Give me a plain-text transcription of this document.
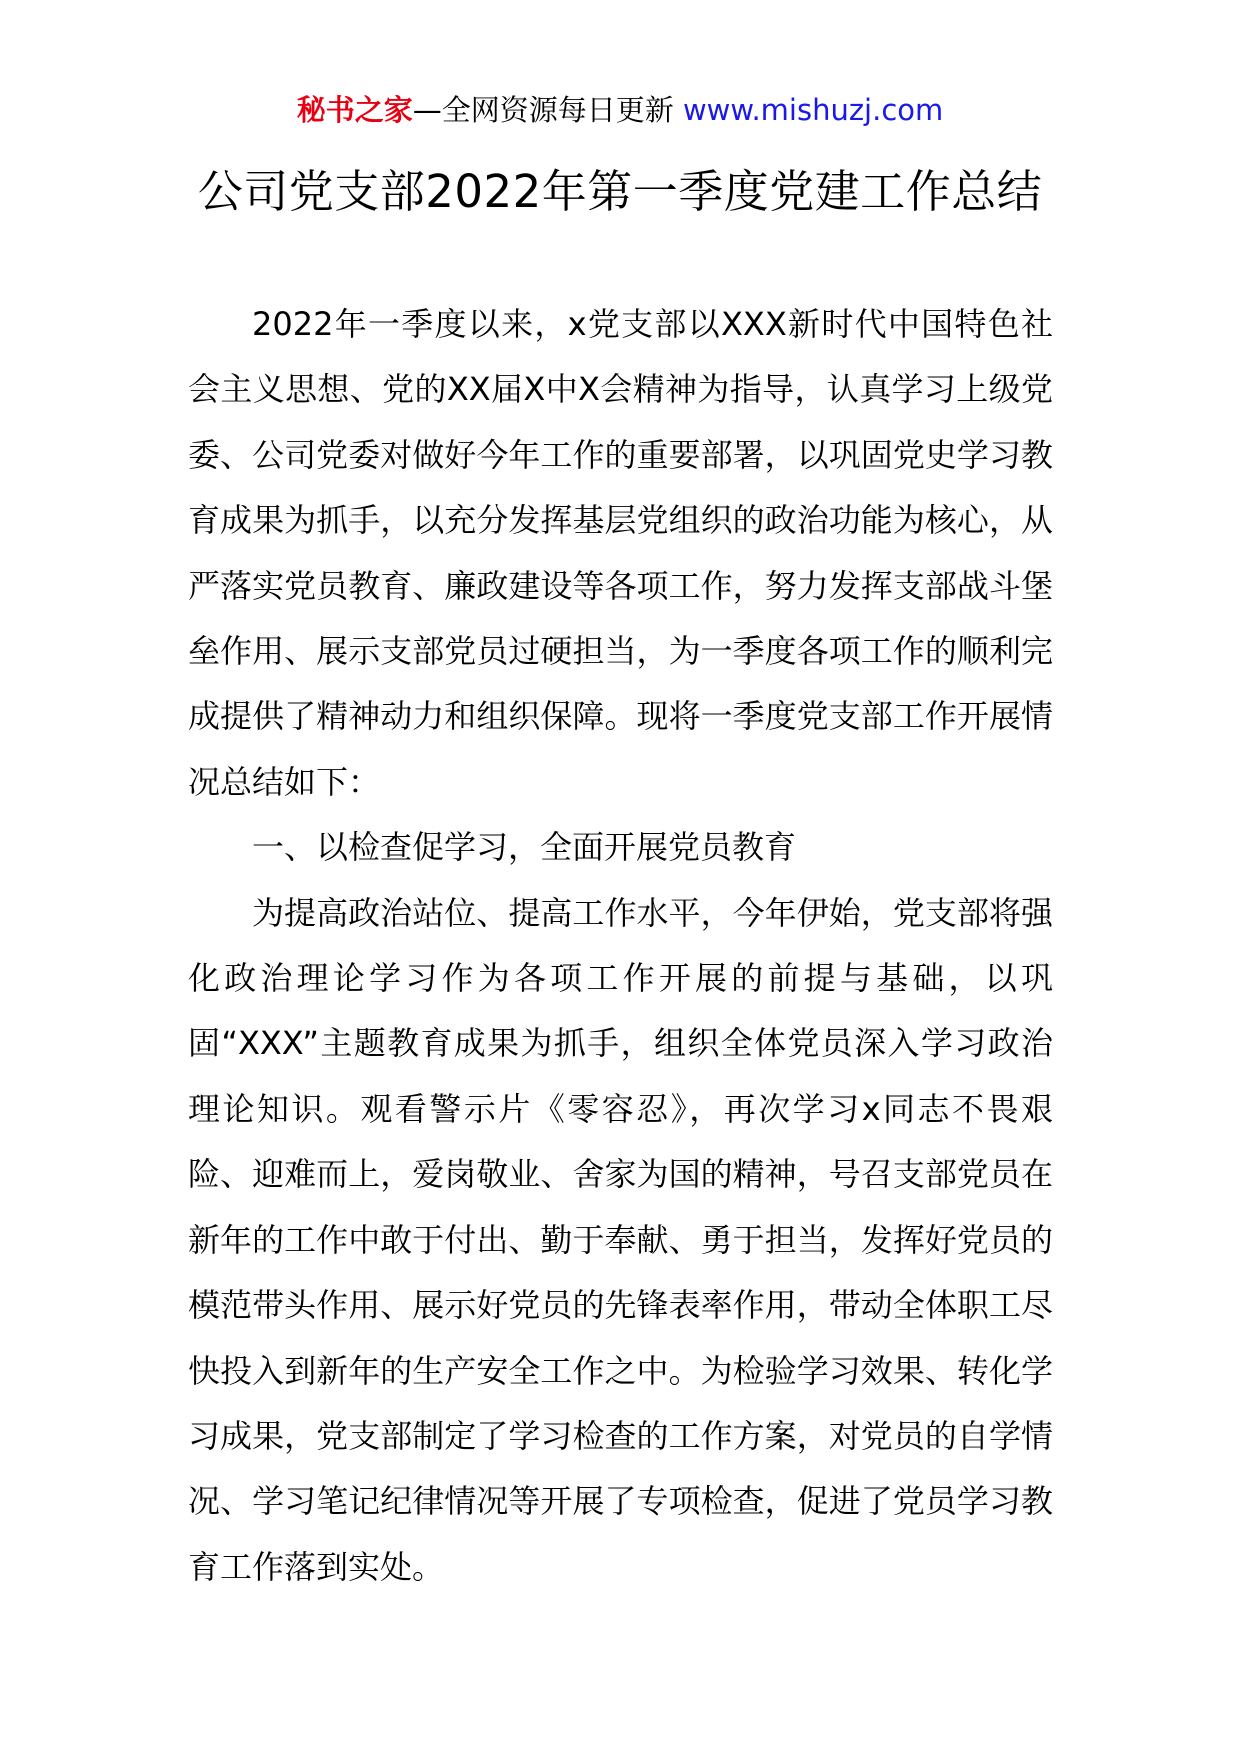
秘书之家—全网资源每日更新 www.mishuzj.com
公司党支部2022年第一季度党建工作总结

2022年一季度以来，x党支部以XXX新时代中国特色社会主义思想、党的XX届X中X会精神为指导，认真学习上级党委、公司党委对做好今年工作的重要部署，以巩固党史学习教育成果为抓手，以充分发挥基层党组织的政治功能为核心，从严落实党员教育、廉政建设等各项工作，努力发挥支部战斗堡垒作用、展示支部党员过硬担当，为一季度各项工作的顺利完成提供了精神动力和组织保障。现将一季度党支部工作开展情况总结如下：

一、以检查促学习，全面开展党员教育

为提高政治站位、提高工作水平，今年伊始，党支部将强化政治理论学习作为各项工作开展的前提与基础，以巩固“XXX”主题教育成果为抓手，组织全体党员深入学习政治理论知识。观看警示片《零容忍》，再次学习x同志不畏艰险、迎难而上，爱岗敬业、舍家为国的精神，号召支部党员在新年的工作中敢于付出、勤于奉献、勇于担当，发挥好党员的模范带头作用、展示好党员的先锋表率作用，带动全体职工尽快投入到新年的生产安全工作之中。为检验学习效果、转化学习成果，党支部制定了学习检查的工作方案，对党员的自学情况、学习笔记纪律情况等开展了专项检查，促进了党员学习教育工作落到实处。
